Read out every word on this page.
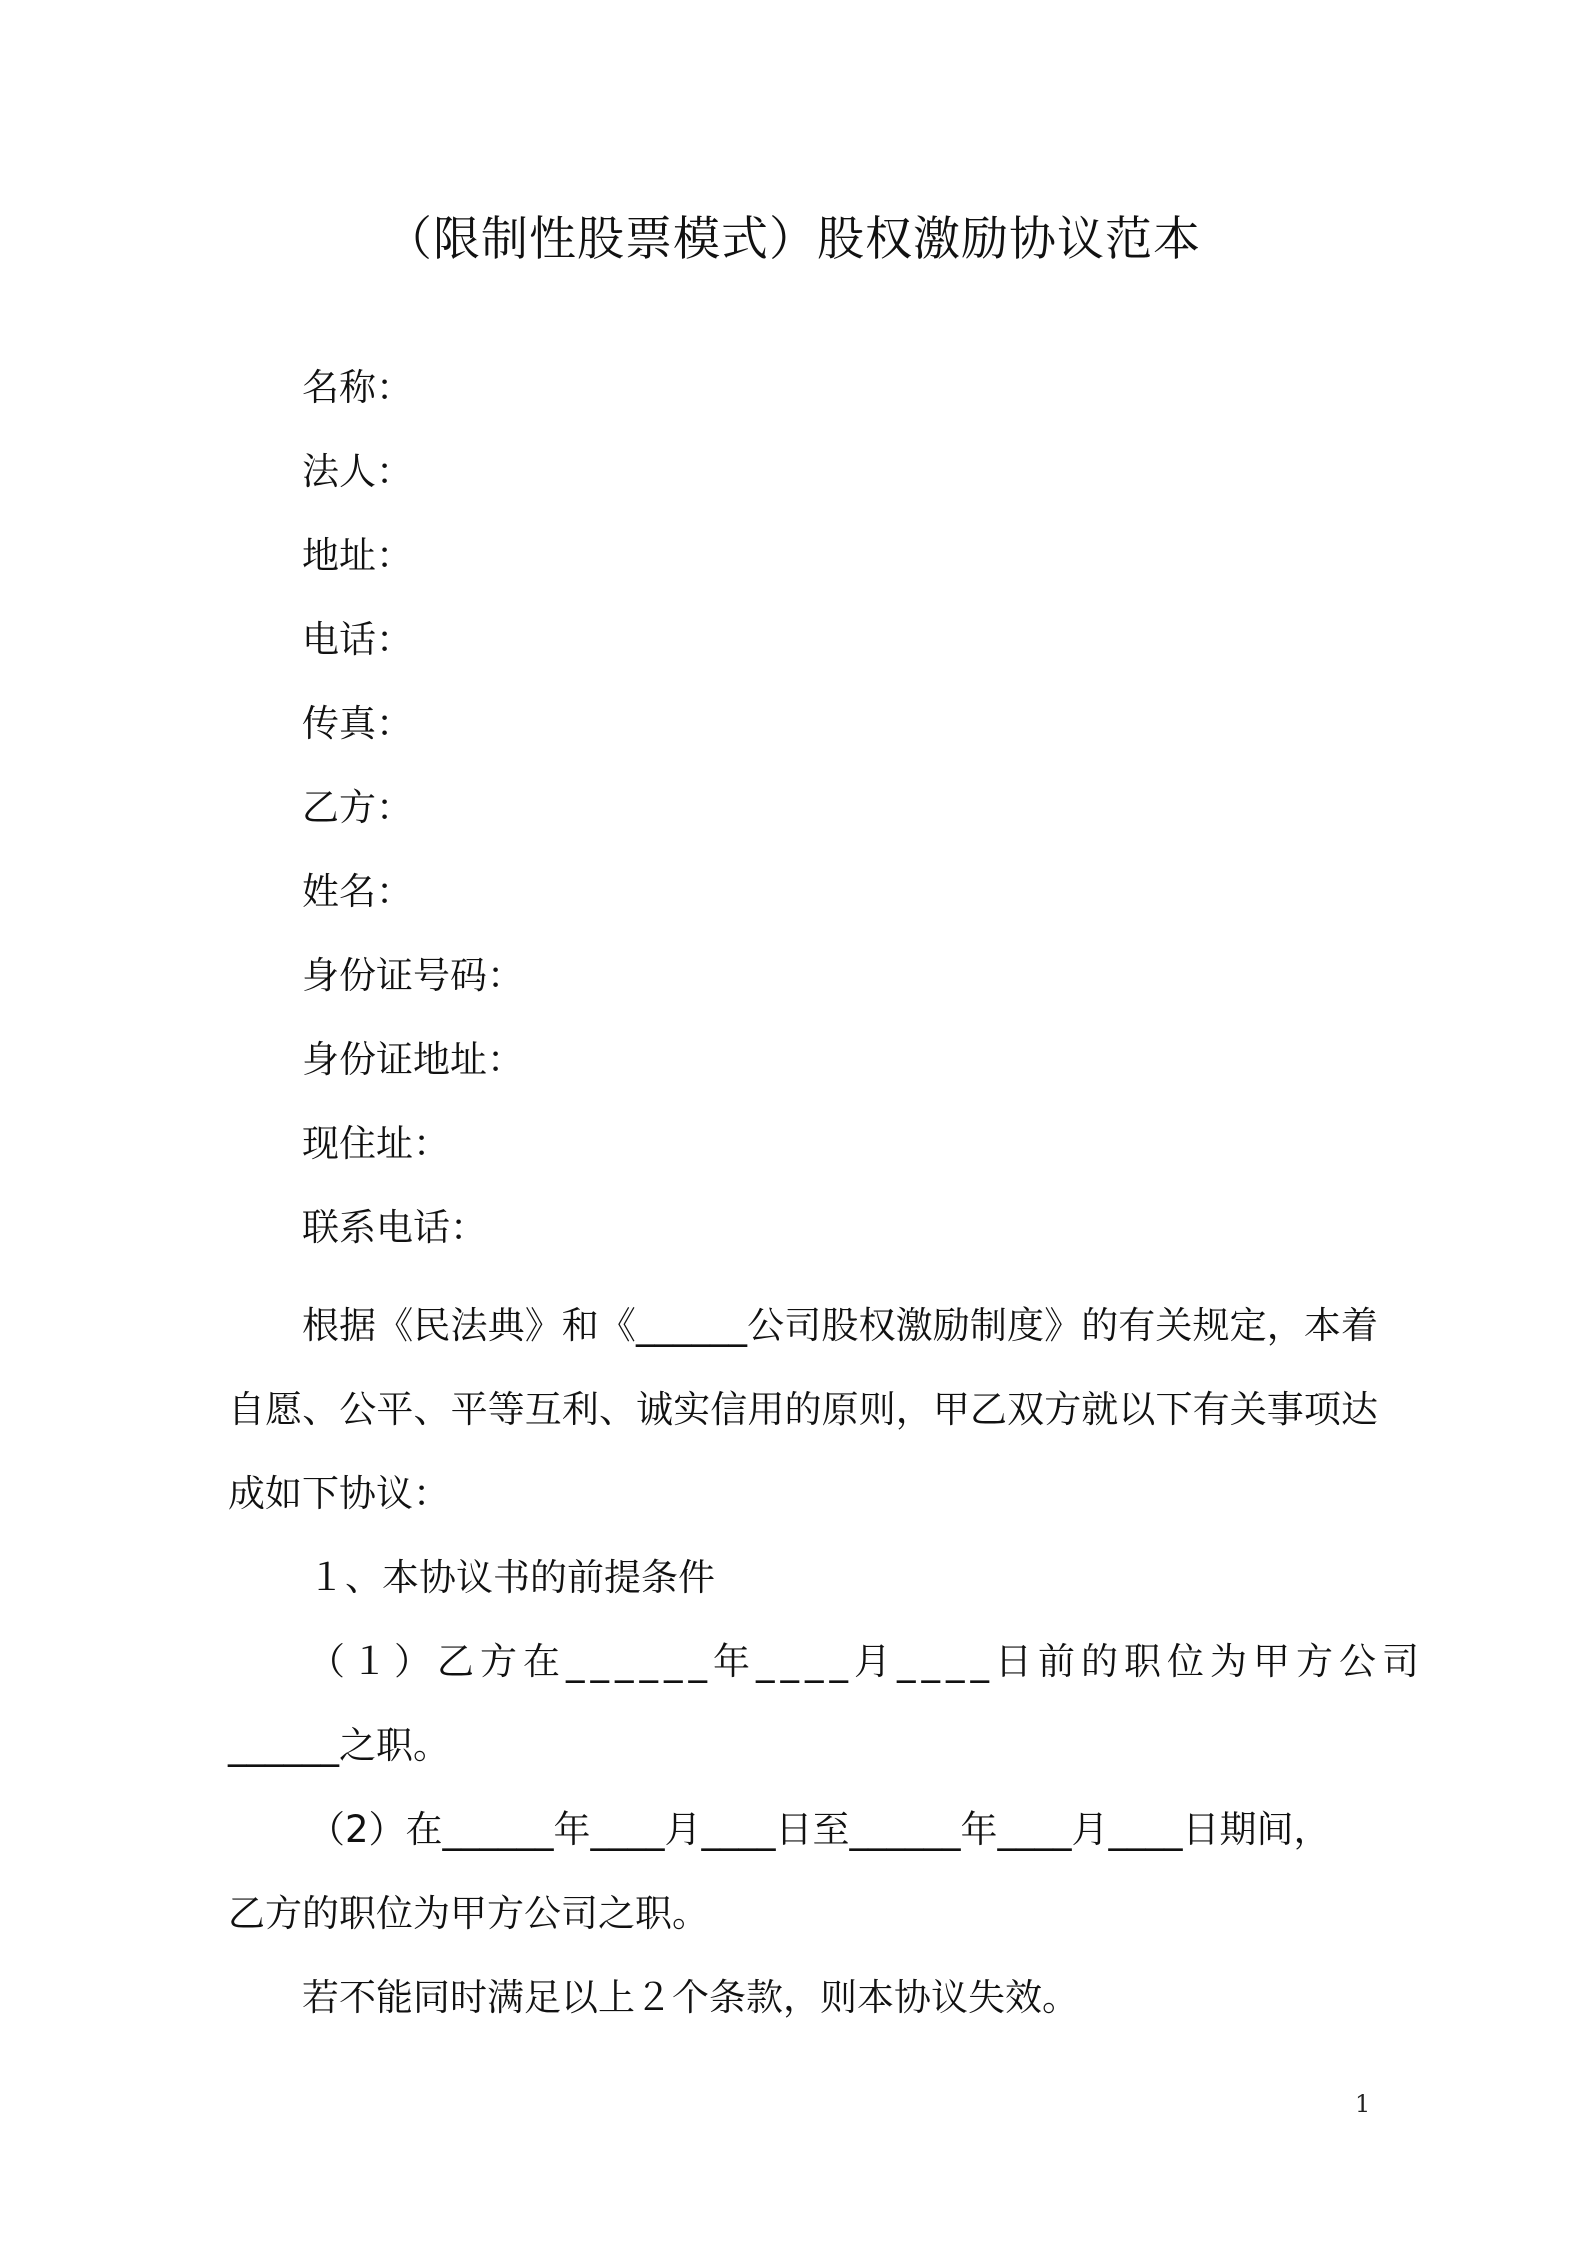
（限制性股票模式）股权激励协议范本
名称：
法人：
地址：
电话：
传真：
乙方：
姓名：
身份证号码：
身份证地址：
现住址：
联系电话：

根据《民法典》和《______公司股权激励制度》的有关规定，本着自愿、公平、平等互利、诚实信用的原则，甲乙双方就以下有关事项达成如下协议：

１、本协议书的前提条件

（１）乙方在______年____月____日前的职位为甲方公司

______之职。

（2）在______年____月____日至______年____月____日期间，

乙方的职位为甲方公司之职。

若不能同时满足以上２个条款，则本协议失效。

1
